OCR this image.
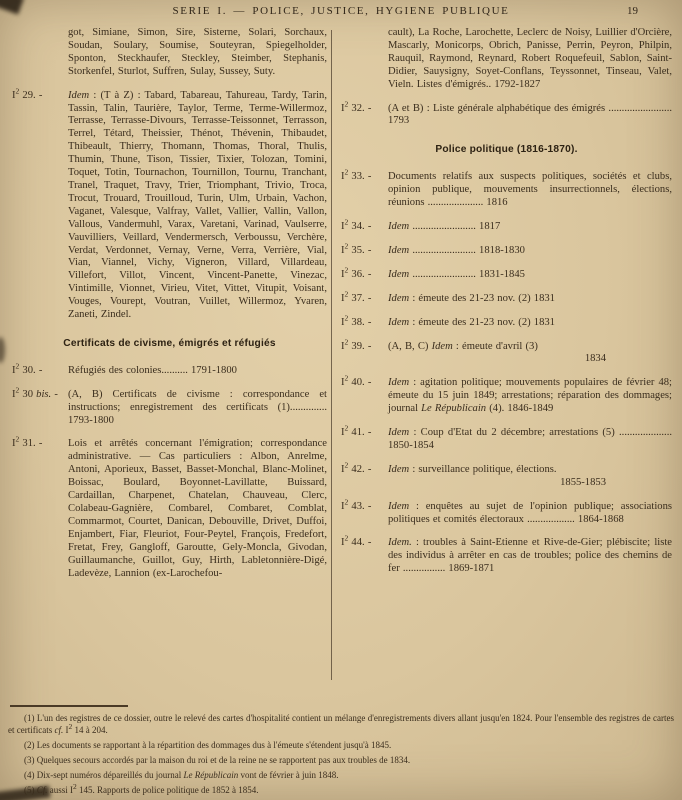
SERIE I. — POLICE, JUSTICE, HYGIENE PUBLIQUE	19
got, Simiane, Simon, Sire, Sisterne, Solari, Sorchaux, Soudan, Soulary, Soumise, Souteyran, Spiegelholder, Sponton, Steckhaufer, Steckley, Steimber, Stephanis, Storkenfel, Sturlot, Suffren, Sulay, Sussey, Suty.
$I^2$ 29. - Idem : (T à Z) : Tabard, Tabareau, Tahureau, Tardy, Tarin, Tassin, Talin, Taurière, Taylor, Terme, Terme-Willermoz, Terrasse, Terrasse-Divours, Terrasse-Teissonnet, Terrasson, Terrel, Tétard, Theissier, Thénot, Thévenin, Thibaudet, Thibeault, Thierry, Thomann, Thomas, Thoral, Thulis, Thumin, Thune, Tison, Tissier, Tixier, Tolozan, Tomini, Toquet, Totin, Tournachon, Tournillon, Tournu, Tranchant, Tranel, Traquet, Travy, Trier, Triomphant, Trivio, Troca, Trocut, Trouard, Trouilloud, Turin, Ulm, Urbain, Vachon, Vaganet, Valesque, Valfray, Vallet, Vallier, Vallin, Vallon, Vallous, Vandermuhl, Varax, Varetani, Varinad, Vaulserre, Vauvilliers, Veillard, Vendermersch, Verboussu, Verchère, Verdat, Verdonnet, Vernay, Verne, Verra, Verrière, Vial, Vian, Viannel, Vichy, Vigneron, Villard, Villardeau, Villefort, Villot, Vincent, Vincent-Panette, Vinezac, Vintimille, Vionnet, Virieu, Vitet, Vittet, Vitupit, Voisant, Vouges, Vourept, Voutran, Vuillet, Willermoz, Yvaren, Zaneti, Zindel.
Certificats de civisme, émigrés et réfugiés
$I^2$ 30. - Réfugiés des colonies.......... 1791-1800
$I^2$ 30 bis. - (A, B) Certificats de civisme : correspondance et instructions; enregistrement des certificats (1).............. 1793-1800
$I^2$ 31. - Lois et arrêtés concernant l'émigration; correspondance administrative. — Cas particuliers : Albon, Anrelme, Antoni, Aporieux, Basset, Basset-Monchal, Blanc-Molinet, Boissac, Boulard, Boyonnet-Lavillatte, Buissard, Cardaillan, Charpenet, Chatelan, Chauveau, Clerc, Colabeau-Gagnière, Combarel, Combaret, Comblat, Commarmot, Courtet, Danican, Debouville, Drivet, Duffoi, Enjambert, Fiar, Fleuriot, Four-Peytel, François, Fredefort, Fretat, Frey, Gangloff, Garoutte, Gely-Moncla, Givodan, Guillaumanche, Guillot, Guy, Hirth, Labletonnière-Digé, Ladevèze, Lannion (ex-Larochefou-
cault), La Roche, Larochette, Leclerc de Noisy, Luillier d'Orcière, Mascarly, Monicorps, Obrich, Panisse, Perrin, Peyron, Philpin, Rauquil, Raymond, Reynard, Robert Roquefeuil, Sablon, Saint-Didier, Sauysigny, Soyet-Conflans, Teyssonnet, Tinseau, Valet, Vieln. Listes d'émigrés.. 1792-1827
$I^2$ 32. - (A et B) : Liste générale alphabétique des émigrés ........................ 1793
Police politique (1816-1870).
$I^2$ 33. - Documents relatifs aux suspects politiques, sociétés et clubs, opinion publique, mouvements insurrectionnels, élections, réunions ..................... 1816
$I^2$ 34. - Idem ........................ 1817
$I^2$ 35. - Idem ........................ 1818-1830
$I^2$ 36. - Idem ........................ 1831-1845
$I^2$ 37. - Idem : émeute des 21-23 nov. (2) 1831
$I^2$ 38. - Idem : émeute des 21-23 nov. (2) 1831
$I^2$ 39. - (A, B, C) Idem : émeute d'avril (3)
1834
$I^2$ 40. - Idem : agitation politique; mouvements populaires de février 48; émeute du 15 juin 1849; arrestations; réparation des dommages; journal Le Républicain (4). 1846-1849
$I^2$ 41. - Idem : Coup d'Etat du 2 décembre; arrestations (5) .................... 1850-1854
$I^2$ 42. - Idem : surveillance politique, élections.
1855-1853
$I^2$ 43. - Idem : enquêtes au sujet de l'opinion publique; associations politiques et comités électoraux .................. 1864-1868
$I^2$ 44. - Idem. : troubles à Saint-Etienne et Rive-de-Gier; plébiscite; liste des individus à arrêter en cas de troubles; police des chemins de fer ................ 1869-1871

(1) L'un des registres de ce dossier, outre le relevé des cartes d'hospitalité contient un mélange d'enregistrements divers allant jusqu'en 1824. Pour l'ensemble des registres de cartes et certificats cf. $I^2$ 14 à 204.

(2) Les documents se rapportant à la répartition des dommages dus à l'émeute s'étendent jusqu'à 1845.

(3) Quelques secours accordés par la maison du roi et de la reine ne se rapportent pas aux troubles de 1834.

(4) Dix-sept numéros dépareillés du journal Le Républicain vont de février à juin 1848.

(5) Cf. aussi $I^2$ 145. Rapports de police politique de 1852 à 1854.
